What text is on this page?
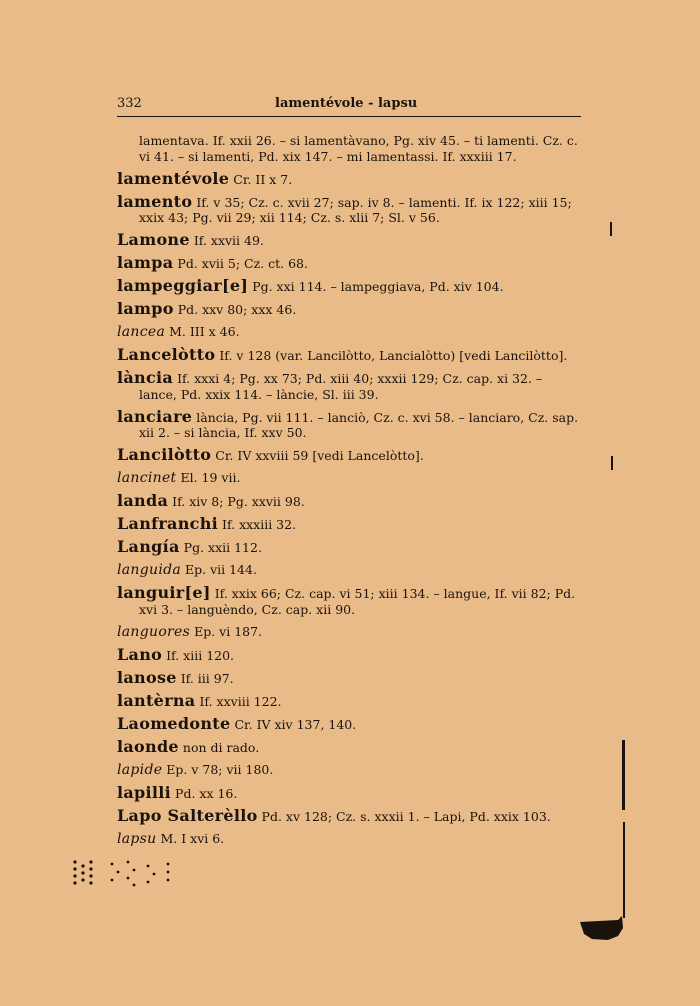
332	lamentévole - lapsu
lamentava. If. xxii 26. – si lamentàvano, Pg. xiv 45. – ti lamenti. Cz. c. vi 41. – si lamenti, Pd. xix 147. – mi lamentassi. If. xxxiii 17.
lamentévole Cr. II x 7.
lamento If. v 35; Cz. c. xvii 27; sap. iv 8. – lamenti. If. ix 122; xiii 15; xxix 43; Pg. vii 29; xii 114; Cz. s. xlii 7; Sl. v 56.
Lamone If. xxvii 49.
lampa Pd. xvii 5; Cz. ct. 68.
lampeggiar[e] Pg. xxi 114. – lampeggiava, Pd. xiv 104.
lampo Pd. xxv 80; xxx 46.
lancea M. III x 46.
Lancelòtto If. v 128 (var. Lancilòtto, Lancialòtto) [vedi Lancilòtto].
lància If. xxxi 4; Pg. xx 73; Pd. xiii 40; xxxii 129; Cz. cap. xi 32. – lance, Pd. xxix 114. – làncie, Sl. iii 39.
lanciare lància, Pg. vii 111. – lanciò, Cz. c. xvi 58. – lanciaro, Cz. sap. xii 2. – si lància, If. xxv 50.
Lancilòtto Cr. IV xxviii 59 [vedi Lancelòtto].
lancinet El. 19 vii.
landa If. xiv 8; Pg. xxvii 98.
Lanfranchi If. xxxiii 32.
Langía Pg. xxii 112.
languida Ep. vii 144.
languir[e] If. xxix 66; Cz. cap. vi 51; xiii 134. – langue, If. vii 82; Pd. xvi 3. – languèndo, Cz. cap. xii 90.
languores Ep. vi 187.
Lano If. xiii 120.
lanose If. iii 97.
lantèrna If. xxviii 122.
Laomedonte Cr. IV xiv 137, 140.
laonde non di rado.
lapide Ep. v 78; vii 180.
lapilli Pd. xx 16.
Lapo Salterèllo Pd. xv 128; Cz. s. xxxii 1. – Lapi, Pd. xxix 103.
lapsu M. I xvi 6.
